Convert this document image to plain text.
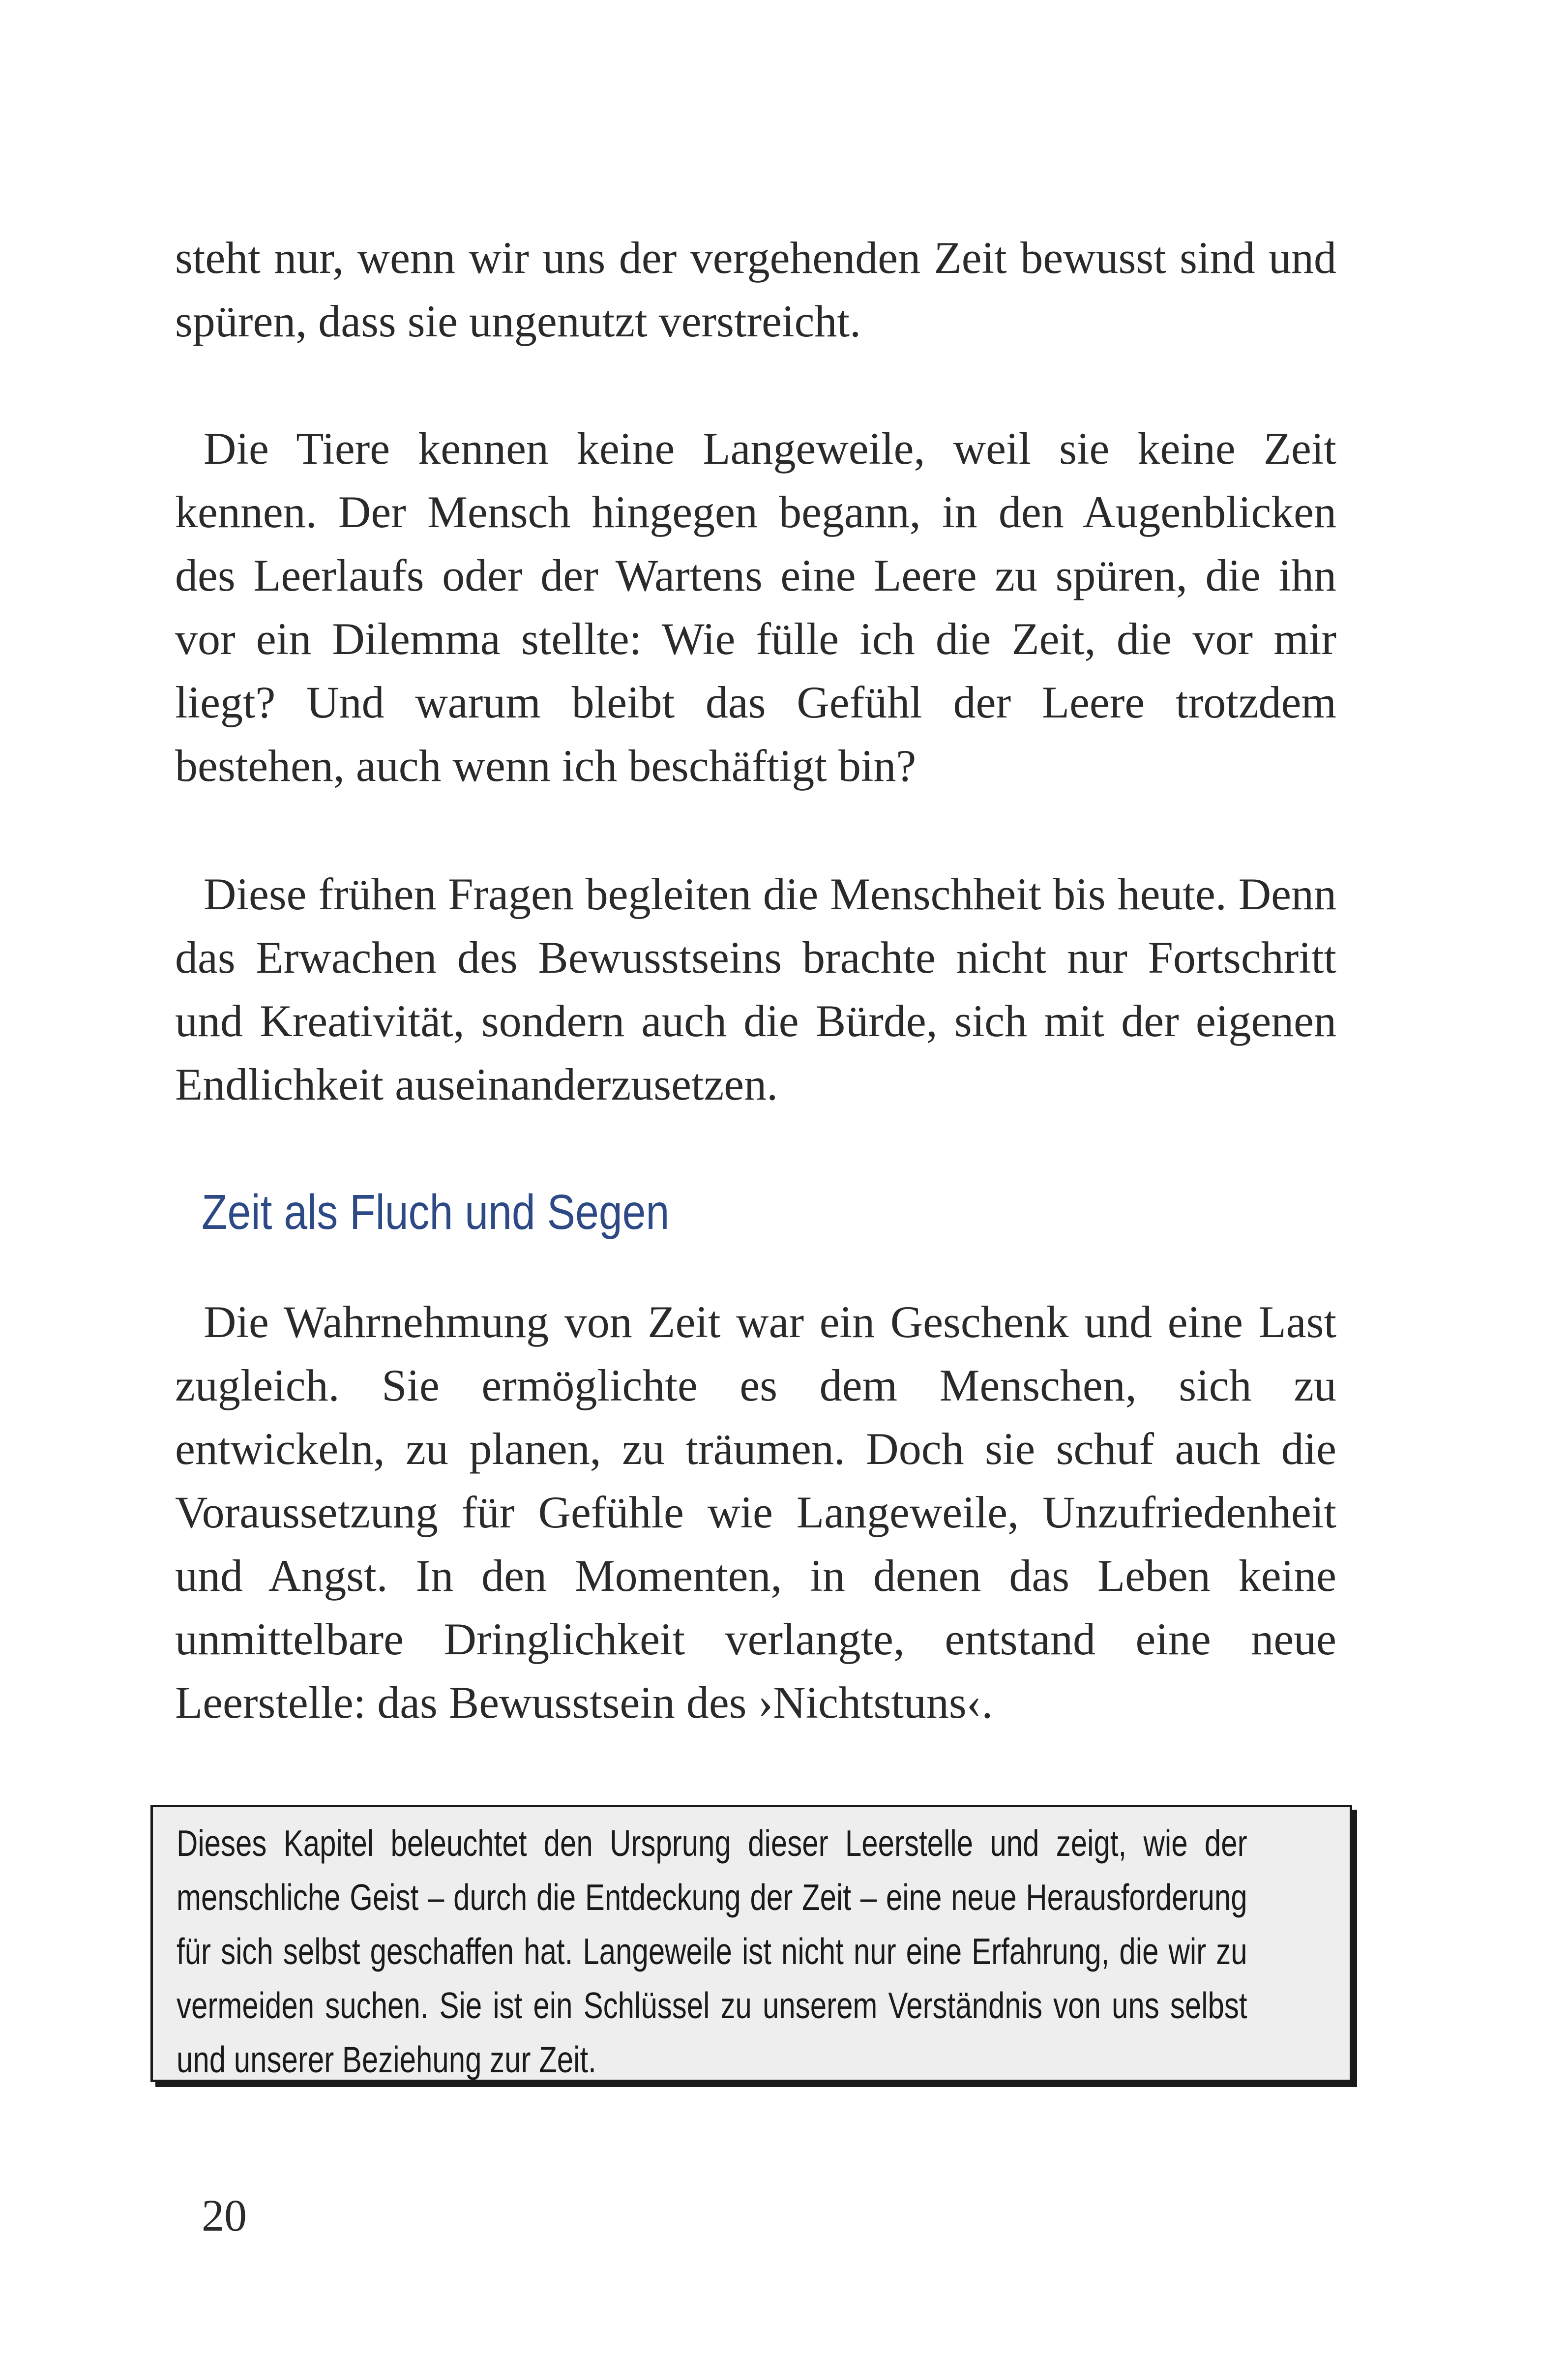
steht nur, wenn wir uns der vergehenden Zeit bewusst sind und spüren, dass sie ungenutzt verstreicht.

Die Tiere kennen keine Langeweile, weil sie keine Zeit kennen. Der Mensch hingegen begann, in den Augenblicken des Leerlaufs oder der Wartens eine Leere zu spüren, die ihn vor ein Dilemma stellte: Wie fülle ich die Zeit, die vor mir liegt? Und warum bleibt das Gefühl der Leere trotzdem bestehen, auch wenn ich beschäftigt bin?

Diese frühen Fragen begleiten die Menschheit bis heute. Denn das Erwachen des Bewusstseins brachte nicht nur Fortschritt und Kreativität, sondern auch die Bürde, sich mit der eigenen Endlichkeit auseinanderzusetzen.

Zeit als Fluch und Segen

Die Wahrnehmung von Zeit war ein Geschenk und eine Last zugleich. Sie ermöglichte es dem Menschen, sich zu entwickeln, zu planen, zu träumen. Doch sie schuf auch die Voraussetzung für Gefühle wie Langeweile, Unzufriedenheit und Angst. In den Momenten, in denen das Leben keine unmittelbare Dringlichkeit verlangte, entstand eine neue Leerstelle: das Bewusstsein des ›Nichtstuns‹.

Dieses Kapitel beleuchtet den Ursprung dieser Leerstelle und zeigt, wie der menschliche Geist – durch die Entdeckung der Zeit – eine neue Herausforderung für sich selbst geschaffen hat. Langeweile ist nicht nur eine Erfahrung, die wir zu vermeiden suchen. Sie ist ein Schlüssel zu unserem Verständnis von uns selbst und unserer Beziehung zur Zeit.

20
